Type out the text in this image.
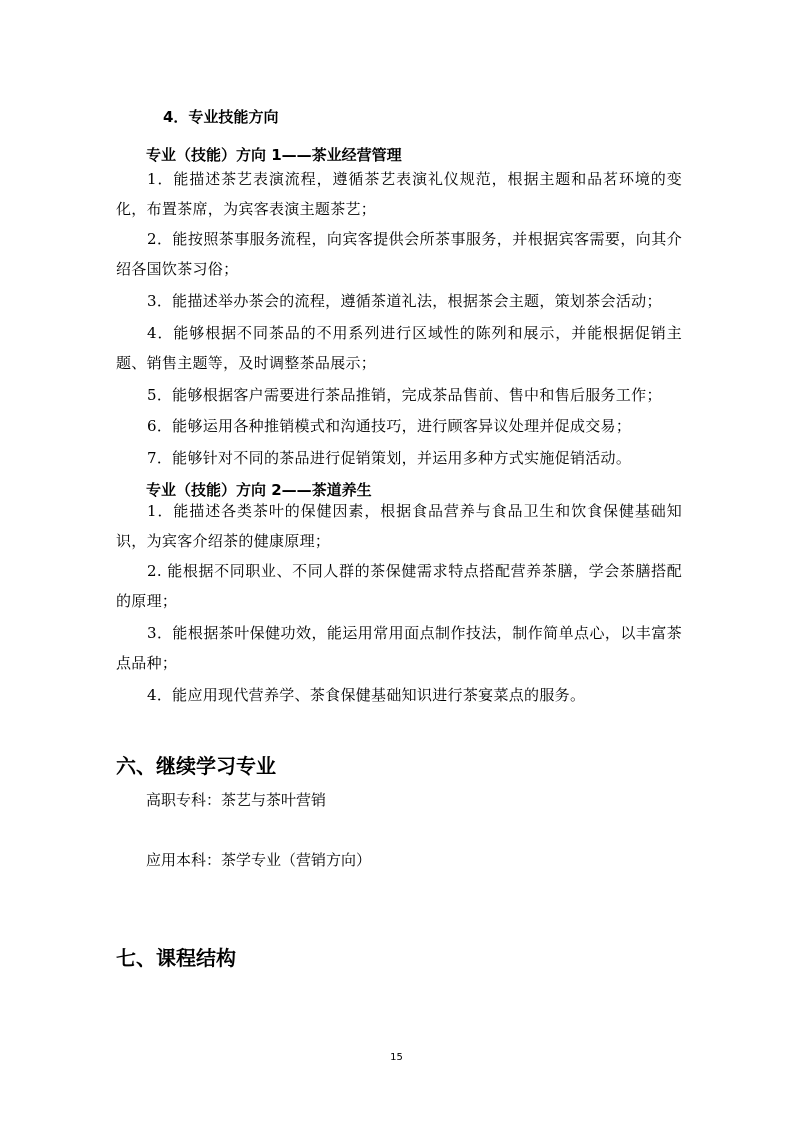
4．专业技能方向
专业（技能）方向 1——茶业经营管理
1．能描述茶艺表演流程，遵循茶艺表演礼仪规范，根据主题和品茗环境的变化，布置茶席，为宾客表演主题茶艺；
2．能按照茶事服务流程，向宾客提供会所茶事服务，并根据宾客需要，向其介绍各国饮茶习俗；
3．能描述举办茶会的流程，遵循茶道礼法，根据茶会主题，策划茶会活动；
4．能够根据不同茶品的不用系列进行区域性的陈列和展示，并能根据促销主题、销售主题等，及时调整茶品展示；
5．能够根据客户需要进行茶品推销，完成茶品售前、售中和售后服务工作；
6．能够运用各种推销模式和沟通技巧，进行顾客异议处理并促成交易；
7．能够针对不同的茶品进行促销策划，并运用多种方式实施促销活动。
专业（技能）方向 2——茶道养生
1．能描述各类茶叶的保健因素，根据食品营养与食品卫生和饮食保健基础知识，为宾客介绍茶的健康原理；
2. 能根据不同职业、不同人群的茶保健需求特点搭配营养茶膳，学会茶膳搭配的原理；
3．能根据茶叶保健功效，能运用常用面点制作技法，制作简单点心，以丰富茶点品种；
4．能应用现代营养学、茶食保健基础知识进行茶宴菜点的服务。
六、继续学习专业
高职专科：茶艺与茶叶营销
应用本科：茶学专业（营销方向）
七、课程结构
15
